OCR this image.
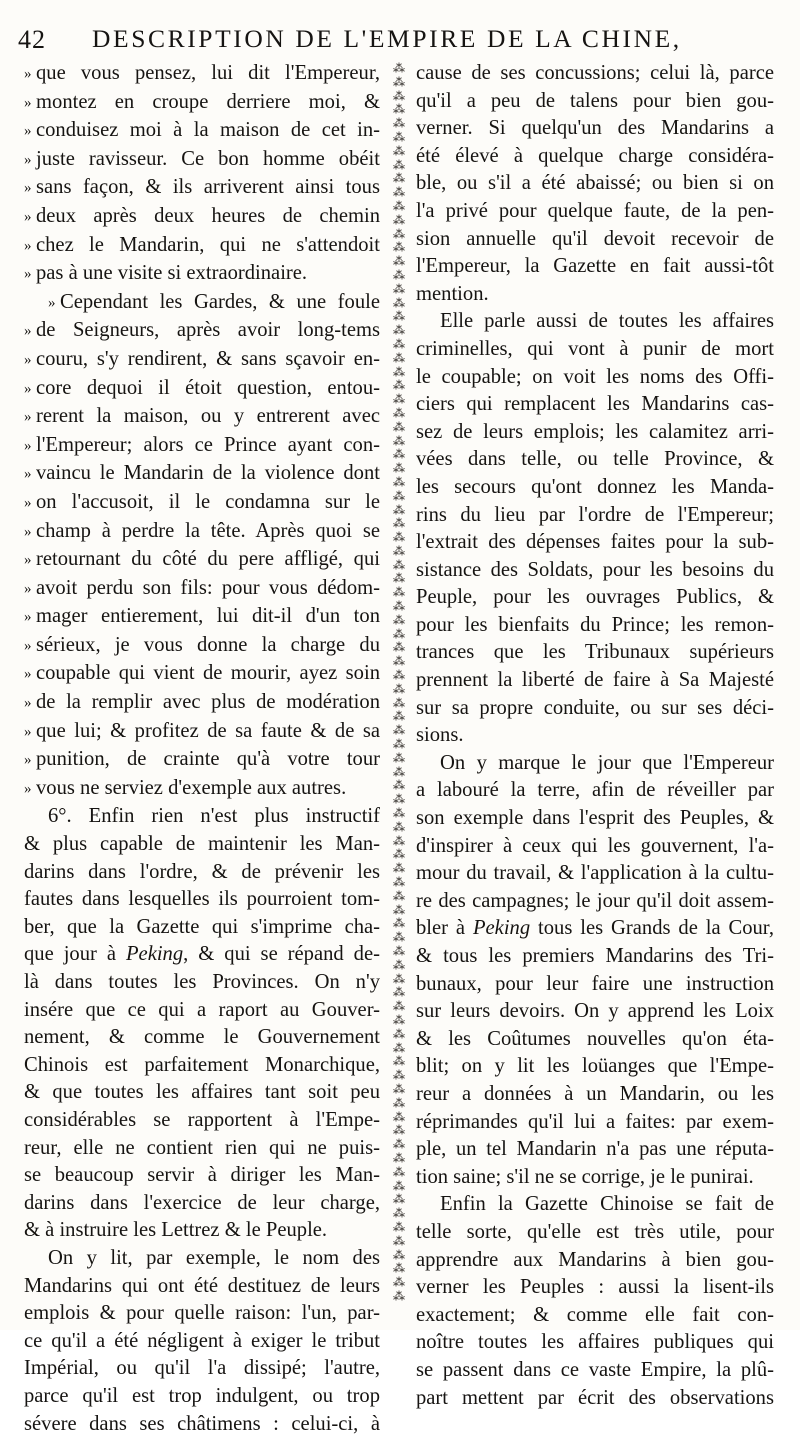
42 DESCRIPTION DE L'EMPIRE DE LA CHINE,
» que vous pensez, lui dit l'Empereur,
» montez en croupe derriere moi, &
» conduisez moi à la maison de cet in-
» juste ravisseur. Ce bon homme obéit
» sans façon, & ils arriverent ainsi tous
» deux après deux heures de chemin
» chez le Mandarin, qui ne s'attendoit
» pas à une visite si extraordinaire.
» Cependant les Gardes, & une foule
» de Seigneurs, après avoir long-tems
» couru, s'y rendirent, & sans sçavoir en-
» core dequoi il étoit question, entou-
» rerent la maison, ou y entrerent avec
» l'Empereur; alors ce Prince ayant con-
» vaincu le Mandarin de la violence dont
» on l'accusoit, il le condamna sur le
» champ à perdre la tête. Après quoi se
» retournant du côté du pere affligé, qui
» avoit perdu son fils: pour vous dédom-
» mager entierement, lui dit-il d'un ton
» sérieux, je vous donne la charge du
» coupable qui vient de mourir, ayez soin
» de la remplir avec plus de modération
» que lui; & profitez de sa faute & de sa
» punition, de crainte qu'à votre tour
» vous ne serviez d'exemple aux autres.
6°. Enfin rien n'est plus instructif
& plus capable de maintenir les Man-
darins dans l'ordre, & de prévenir les
fautes dans lesquelles ils pourroient tom-
ber, que la Gazette qui s'imprime cha-
que jour à Peking, & qui se répand de-
là dans toutes les Provinces. On n'y
insére que ce qui a raport au Gouver-
nement, & comme le Gouvernement
Chinois est parfaitement Monarchique,
& que toutes les affaires tant soit peu
considérables se rapportent à l'Empe-
reur, elle ne contient rien qui ne puis-
se beaucoup servir à diriger les Man-
darins dans l'exercice de leur charge,
& à instruire les Lettrez & le Peuple.
On y lit, par exemple, le nom des
Mandarins qui ont été destituez de leurs
emplois & pour quelle raison: l'un, par-
ce qu'il a été négligent à exiger le tribut
Impérial, ou qu'il l'a dissipé; l'autre,
parce qu'il est trop indulgent, ou trop
sévere dans ses châtimens : celui-ci, à
⁂
⁂
⁂
⁂
⁂
⁂
⁂
⁂
⁂
⁂
⁂
⁂
⁂
⁂
⁂
⁂
⁂
⁂
⁂
⁂
⁂
⁂
⁂
⁂
⁂
⁂
⁂
⁂
⁂
⁂
⁂
⁂
⁂
⁂
⁂
⁂
⁂
⁂
⁂
⁂
⁂
⁂
⁂
⁂
⁂
⁂
⁂
⁂
⁂
⁂
⁂
⁂
⁂
⁂
⁂
⁂
⁂
⁂
⁂
⁂
⁂
⁂
⁂
⁂
⁂
⁂
⁂
⁂
⁂
⁂
⁂
⁂
⁂
⁂
⁂
⁂
⁂
⁂
⁂
⁂
⁂
⁂
⁂
⁂
⁂
⁂
⁂
⁂
⁂
⁂
cause de ses concussions; celui là, parce
qu'il a peu de talens pour bien gou-
verner. Si quelqu'un des Mandarins a
été élevé à quelque charge considéra-
ble, ou s'il a été abaissé; ou bien si on
l'a privé pour quelque faute, de la pen-
sion annuelle qu'il devoit recevoir de
l'Empereur, la Gazette en fait aussi-tôt
mention.
Elle parle aussi de toutes les affaires
criminelles, qui vont à punir de mort
le coupable; on voit les noms des Offi-
ciers qui remplacent les Mandarins cas-
sez de leurs emplois; les calamitez arri-
vées dans telle, ou telle Province, &
les secours qu'ont donnez les Manda-
rins du lieu par l'ordre de l'Empereur;
l'extrait des dépenses faites pour la sub-
sistance des Soldats, pour les besoins du
Peuple, pour les ouvrages Publics, &
pour les bienfaits du Prince; les remon-
trances que les Tribunaux supérieurs
prennent la liberté de faire à Sa Majesté
sur sa propre conduite, ou sur ses déci-
sions.
On y marque le jour que l'Empereur
a labouré la terre, afin de réveiller par
son exemple dans l'esprit des Peuples, &
d'inspirer à ceux qui les gouvernent, l'a-
mour du travail, & l'application à la cultu-
re des campagnes; le jour qu'il doit assem-
bler à Peking tous les Grands de la Cour,
& tous les premiers Mandarins des Tri-
bunaux, pour leur faire une instruction
sur leurs devoirs. On y apprend les Loix
& les Coûtumes nouvelles qu'on éta-
blit; on y lit les loüanges que l'Empe-
reur a données à un Mandarin, ou les
réprimandes qu'il lui a faites: par exem-
ple, un tel Mandarin n'a pas une réputa-
tion saine; s'il ne se corrige, je le punirai.
Enfin la Gazette Chinoise se fait de
telle sorte, qu'elle est très utile, pour
apprendre aux Mandarins à bien gou-
verner les Peuples : aussi la lisent-ils
exactement; & comme elle fait con-
noître toutes les affaires publiques qui
se passent dans ce vaste Empire, la plû-
part mettent par écrit des observations
